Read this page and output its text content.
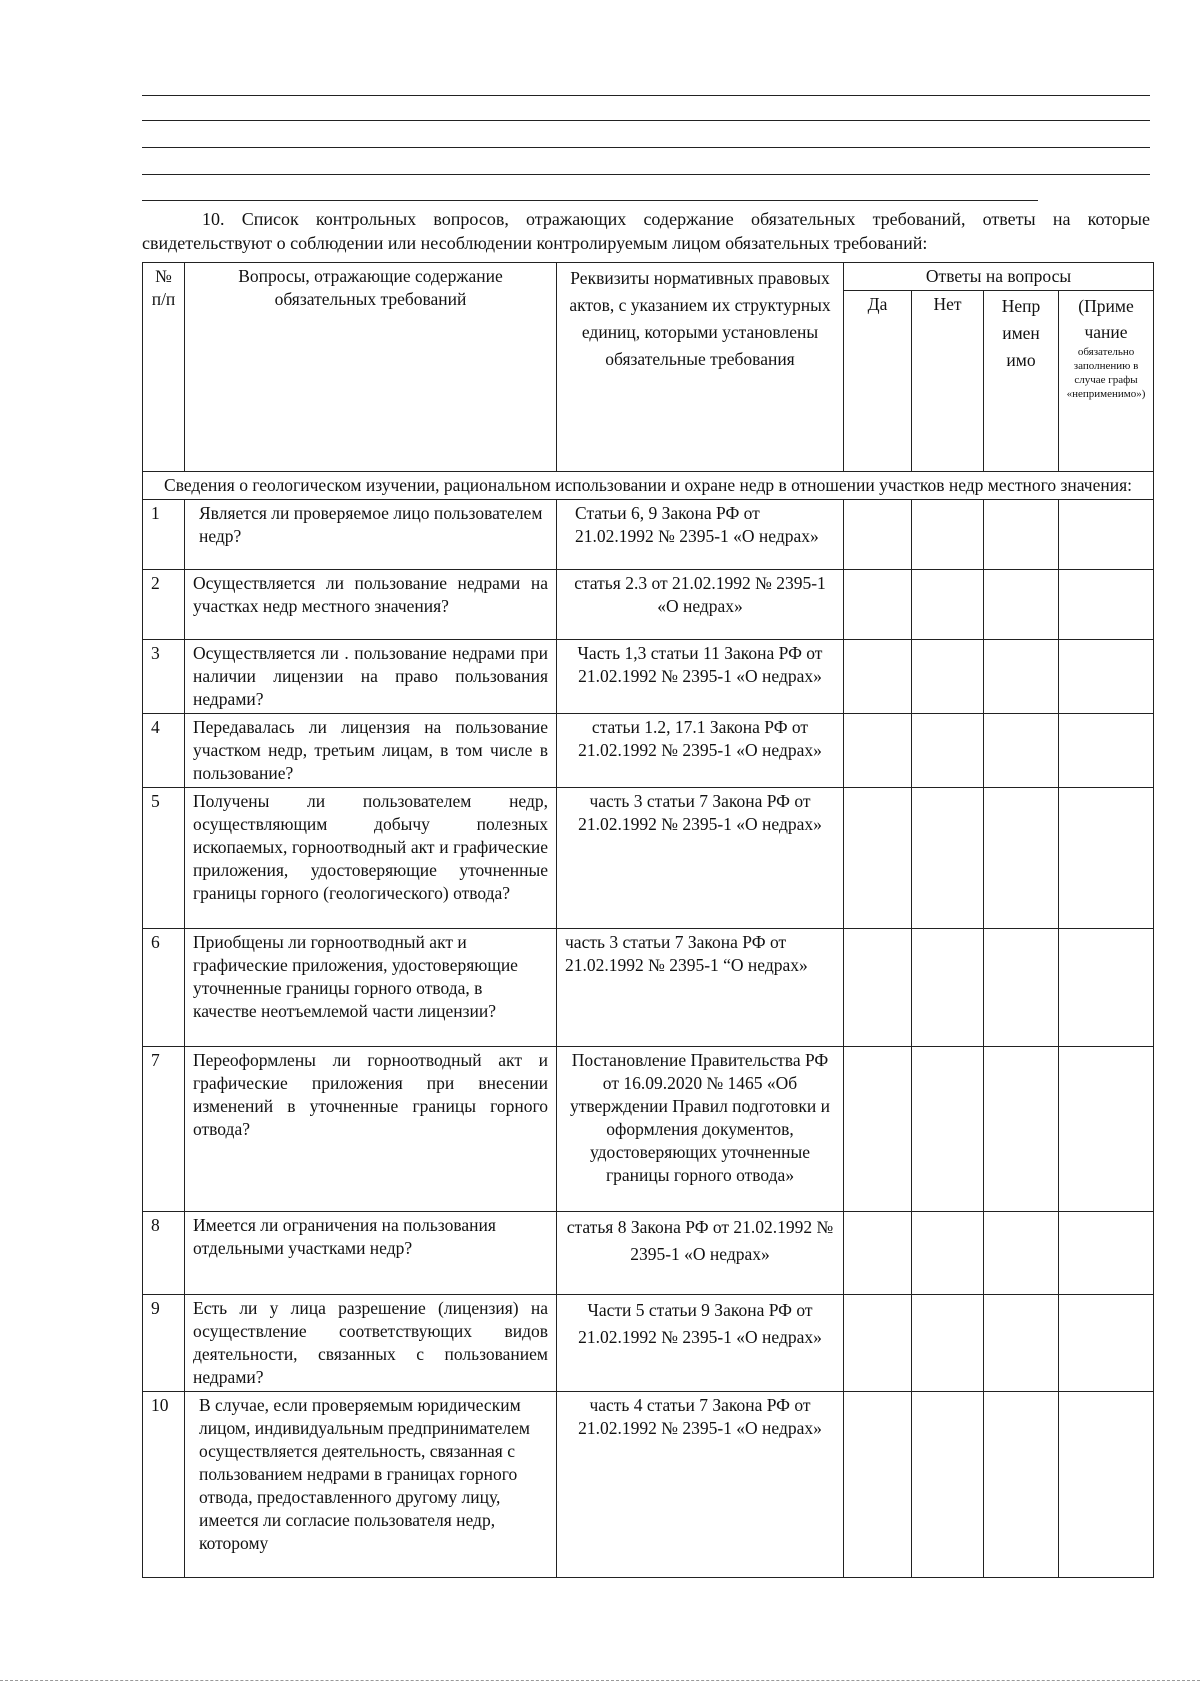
10. Список контрольных вопросов, отражающих содержание обязательных требований, ответы на которые свидетельствуют о соблюдении или несоблюдении контролируемым лицом обязательных требований:

№ п/п	Вопросы, отражающие содержание обязательных требований	Реквизиты нормативных правовых актов, с указанием их структурных единиц, которыми установлены обязательные требования	Ответы на вопросы			
			Да	Нет	Непр имен имо	(Приме чание
обязательно заполнению в случае графы «неприменимо»)

Сведения о геологическом изучении, рациональном использовании и охране недр в отношении участков недр местного значения:						
1	Является ли проверяемое лицо пользователем недр?	Статьи 6, 9 Закона РФ от 21.02.1992 № 2395-1 «О недрах»				
2	Осуществляется ли пользование недрами на участках недр местного значения?	статья 2.3 от 21.02.1992 № 2395-1 «О недрах»				
3	Осуществляется ли . пользование недрами при наличии лицензии на право пользования недрами?	Часть 1,3 статьи 11 Закона РФ от 21.02.1992 № 2395-1 «О недрах»				
4	Передавалась ли лицензия на пользование участком недр, третьим лицам, в том числе в пользование?	статьи 1.2, 17.1 Закона РФ от 21.02.1992 № 2395-1 «О недрах»				
5	Получены ли пользователем недр, осуществляющим добычу полезных ископаемых, горноотводный акт и графические приложения, удостоверяющие уточненные границы горного (геологического) отвода?	часть 3 статьи 7 Закона РФ от 21.02.1992 № 2395-1 «О недрах»				
6	Приобщены ли горноотводный акт и графические приложения, удостоверяющие уточненные границы горного отвода, в качестве неотъемлемой части лицензии?	часть 3 статьи 7 Закона РФ от 21.02.1992 № 2395-1 “О недрах»				
7	Переоформлены ли горноотводный акт и графические приложения при внесении изменений в уточненные границы горного отвода?	Постановление Правительства РФ от 16.09.2020 № 1465 «Об утверждении Правил подготовки и оформления документов, удостоверяющих уточненные границы горного отвода»				
8	Имеется ли ограничения на пользования отдельными участками недр?	статья 8 Закона РФ от 21.02.1992 № 2395-1 «О недрах»				
9	Есть ли у лица разрешение (лицензия) на осуществление соответствующих видов деятельности, связанных с пользованием недрами?	Части 5 статьи 9 Закона РФ от 21.02.1992 № 2395-1 «О недрах»				
10	В случае, если проверяемым юридическим лицом, индивидуальным предпринимателем осуществляется деятельность, связанная с пользованием недрами в границах горного отвода, предоставленного другому лицу, имеется ли согласие пользователя недр, которому	часть 4 статьи 7 Закона РФ от 21.02.1992 № 2395-1 «О недрах»				
